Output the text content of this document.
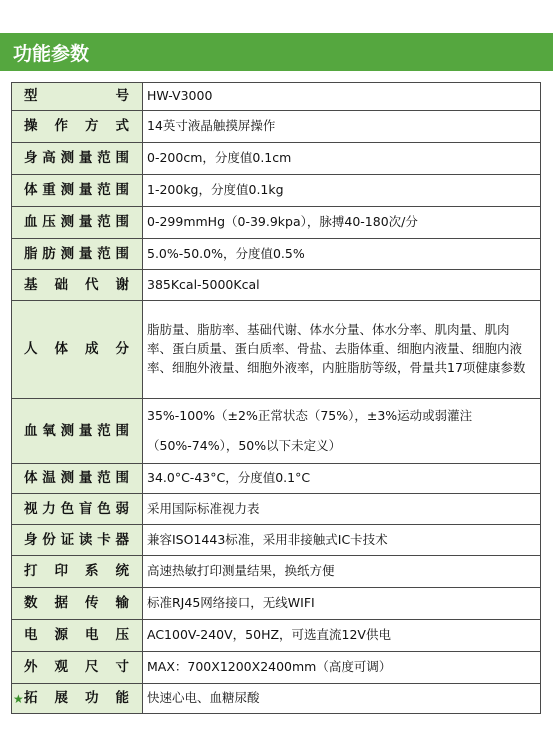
功能参数
型号	HW-V3000

操作方式	14英寸液晶触摸屏操作

身高测量范围	0-200cm，分度值0.1cm

体重测量范围	1-200kg，分度值0.1kg

血压测量范围	0-299mmHg（0-39.9kpa），脉搏40-180次/分

脂肪测量范围	5.0%-50.0%，分度值0.5%

基础代谢	385Kcal-5000Kcal

人体成分	脂肪量、脂肪率、基础代谢、体水分量、体水分率、肌肉量、肌肉率、蛋白质量、蛋白质率、骨盐、去脂体重、细胞内液量、细胞内液率、细胞外液量、细胞外液率，内脏脂肪等级，骨量共17项健康参数

血氧测量范围	35%-100%（±2%正常状态（75%），±3%运动或弱灌注
（50%-74%），50%以下未定义）

体温测量范围	34.0°C-43°C，分度值0.1°C

视力色盲色弱	采用国际标准视力表

身份证读卡器	兼容ISO1443标准，采用非接触式IC卡技术

打印系统	高速热敏打印测量结果，换纸方便

数据传输	标准RJ45网络接口，无线WIFI

电源电压	AC100V-240V，50HZ，可选直流12V供电

外观尺寸	MAX：700X1200X2400mm（高度可调）

★ 拓展功能	快速心电、血糖尿酸
